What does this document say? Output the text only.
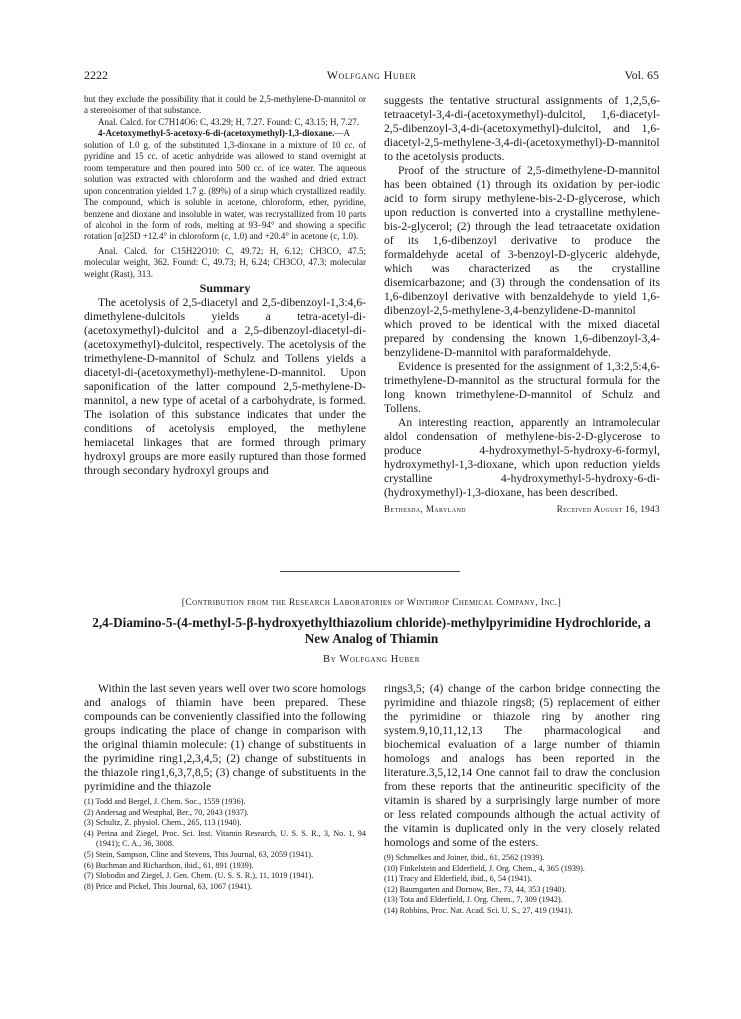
2222	Wolfgang Huber	Vol. 65

but they exclude the possibility that it could be 2,5-methylene-D-mannitol or a stereoisomer of that substance.

Anal. Calcd. for C7H14O6: C, 43.29; H, 7.27. Found: C, 43.15; H, 7.27.

4-Acetoxymethyl-5-acetoxy-6-di-(acetoxymethyl)-1,3-dioxane.—A solution of 1.0 g. of the substituted 1,3-dioxane in a mixture of 10 cc. of pyridine and 15 cc. of acetic anhydride was allowed to stand overnight at room temperature and then poured into 500 cc. of ice water. The aqueous solution was extracted with chloroform and the washed and dried extract upon concentration yielded 1.7 g. (89%) of a sirup which crystallized readily. The compound, which is soluble in acetone, chloroform, ether, pyridine, benzene and dioxane and insoluble in water, was recrystallized from 10 parts of alcohol in the form of rods, melting at 93–94° and showing a specific rotation [α]25D +12.4° in chloroform (c, 1.0) and +20.4° in acetone (c, 1.0).

Anal. Calcd. for C15H22O10: C, 49.72; H, 6.12; CH3CO, 47.5; molecular weight, 362. Found: C, 49.73; H, 6.24; CH3CO, 47.3; molecular weight (Rast), 313.

Summary

The acetolysis of 2,5-diacetyl and 2,5-dibenzoyl-1,3:4,6-dimethylene-dulcitols yields a tetra-acetyl-di-(acetoxymethyl)-dulcitol and a 2,5-dibenzoyl-diacetyl-di-(acetoxymethyl)-dulcitol, respectively. The acetolysis of the trimethylene-D-mannitol of Schulz and Tollens yields a diacetyl-di-(acetoxymethyl)-methylene-D-mannitol. Upon saponification of the latter compound 2,5-methylene-D-mannitol, a new type of acetal of a carbohydrate, is formed. The isolation of this substance indicates that under the conditions of acetolysis employed, the methylene hemiacetal linkages that are formed through primary hydroxyl groups are more easily ruptured than those formed through secondary hydroxyl groups and

suggests the tentative structural assignments of 1,2,5,6-tetraacetyl-3,4-di-(acetoxymethyl)-dulcitol, 1,6-diacetyl-2,5-dibenzoyl-3,4-di-(acetoxymethyl)-dulcitol, and 1,6-diacetyl-2,5-methylene-3,4-di-(acetoxymethyl)-D-mannitol to the acetolysis products.

Proof of the structure of 2,5-dimethylene-D-mannitol has been obtained (1) through its oxidation by per-iodic acid to form sirupy methylene-bis-2-D-glycerose, which upon reduction is converted into a crystalline methylene-bis-2-glycerol; (2) through the lead tetraacetate oxidation of its 1,6-dibenzoyl derivative to produce the formaldehyde acetal of 3-benzoyl-D-glyceric aldehyde, which was characterized as the crystalline disemicarbazone; and (3) through the condensation of its 1,6-dibenzoyl derivative with benzaldehyde to yield 1,6-dibenzoyl-2,5-methylene-3,4-benzylidene-D-mannitol which proved to be identical with the mixed diacetal prepared by condensing the known 1,6-dibenzoyl-3,4-benzylidene-D-mannitol with paraformaldehyde.

Evidence is presented for the assignment of 1,3:2,5:4,6-trimethylene-D-mannitol as the structural formula for the long known trimethylene-D-mannitol of Schulz and Tollens.

An interesting reaction, apparently an intramolecular aldol condensation of methylene-bis-2-D-glycerose to produce 4-hydroxymethyl-5-hydroxy-6-formyl, hydroxymethyl-1,3-dioxane, which upon reduction yields crystalline 4-hydroxymethyl-5-hydroxy-6-di-(hydroxymethyl)-1,3-dioxane, has been described.

Bethesda, Maryland	Received August 16, 1943
[Contribution from the Research Laboratories of Winthrop Chemical Company, Inc.]
2,4-Diamino-5-(4-methyl-5-β-hydroxyethylthiazolium chloride)-methylpyrimidine Hydrochloride, a New Analog of Thiamin
By Wolfgang Huber

Within the last seven years well over two score homologs and analogs of thiamin have been prepared. These compounds can be conveniently classified into the following groups indicating the place of change in comparison with the original thiamin molecule: (1) change of substituents in the pyrimidine ring1,2,3,4,5; (2) change of substituents in the thiazole ring1,6,3,7,8,5; (3) change of substituents in the pyrimidine and the thiazole

(1) Todd and Bergel, J. Chem. Soc., 1559 (1936).

(2) Andersag and Westphal, Ber., 70, 2043 (1937).

(3) Schultz, Z. physiol. Chem., 265, 113 (1940).

(4) Perina and Ziegel, Proc. Sci. Inst. Vitamin Research, U. S. S. R., 3, No. 1, 94 (1941); C. A., 36, 3008.

(5) Stein, Sampson, Cline and Stevens, This Journal, 63, 2059 (1941).

(6) Buchman and Richardson, ibid., 61, 891 (1939).

(7) Slobodin and Ziegel, J. Gen. Chem. (U. S. S. R.), 11, 1019 (1941).

(8) Price and Pickel, This Journal, 63, 1067 (1941).

rings3,5; (4) change of the carbon bridge connecting the pyrimidine and thiazole rings8; (5) replacement of either the pyrimidine or thiazole ring by another ring system.9,10,11,12,13 The pharmacological and biochemical evaluation of a large number of thiamin homologs and analogs has been reported in the literature.3,5,12,14 One cannot fail to draw the conclusion from these reports that the antineuritic specificity of the vitamin is shared by a surprisingly large number of more or less related compounds although the actual activity of the vitamin is duplicated only in the very closely related homologs and some of the esters.

(9) Schmelkes and Joiner, ibid., 61, 2562 (1939).

(10) Finkelstein and Elderfield, J. Org. Chem., 4, 365 (1939).

(11) Tracy and Elderfield, ibid., 6, 54 (1941).

(12) Baumgarten and Dornow, Ber., 73, 44, 353 (1940).

(13) Tota and Elderfield, J. Org. Chem., 7, 309 (1942).

(14) Robbins, Proc. Nat. Acad. Sci. U. S., 27, 419 (1941).
